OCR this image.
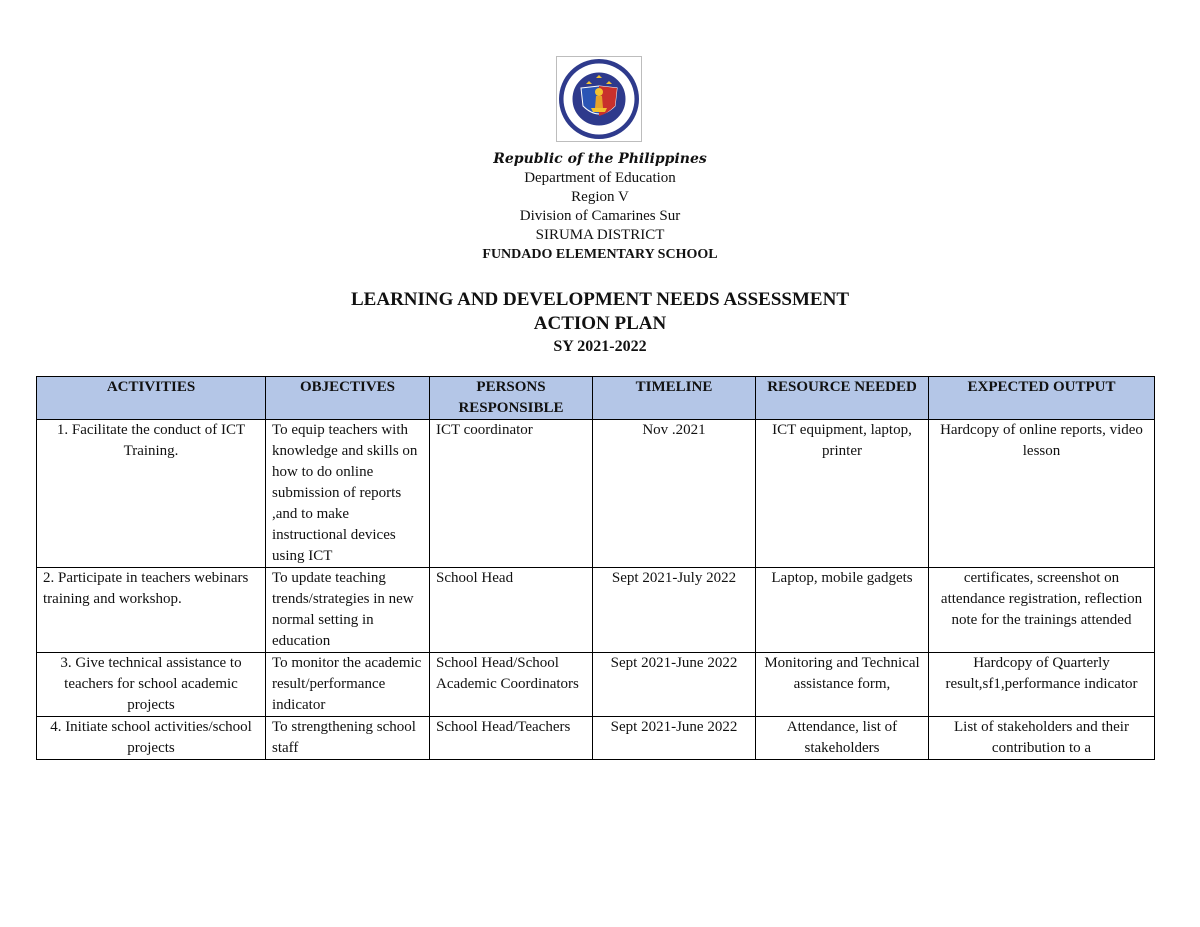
Republic of the Philippines
Department of Education
Region V
Division of Camarines Sur
SIRUMA DISTRICT
FUNDADO ELEMENTARY SCHOOL
LEARNING AND DEVELOPMENT NEEDS ASSESSMENT
ACTION PLAN
SY 2021-2022
ACTIVITIES	OBJECTIVES	PERSONS RESPONSIBLE	TIMELINE	RESOURCE NEEDED	EXPECTED OUTPUT
1. Facilitate the conduct of ICT Training.	To equip teachers with knowledge and skills on how to do online submission of reports ,and to make instructional devices using ICT	ICT coordinator	Nov .2021	ICT equipment, laptop, printer	Hardcopy of online reports, video lesson
2. Participate in teachers webinars training and workshop.	To update teaching trends/strategies in new normal setting in education	School Head	Sept 2021-July 2022	Laptop, mobile gadgets	certificates, screenshot on attendance registration, reflection note for the trainings attended
3. Give technical assistance to teachers for school academic projects	To monitor the academic result/performance indicator	School Head/School Academic Coordinators	Sept 2021-June 2022	Monitoring and Technical assistance form,	Hardcopy of Quarterly result,sf1,performance indicator
4. Initiate school activities/school projects	To strengthening school staff	School Head/Teachers	Sept 2021-June 2022	Attendance, list of stakeholders	List of stakeholders and their contribution to a
